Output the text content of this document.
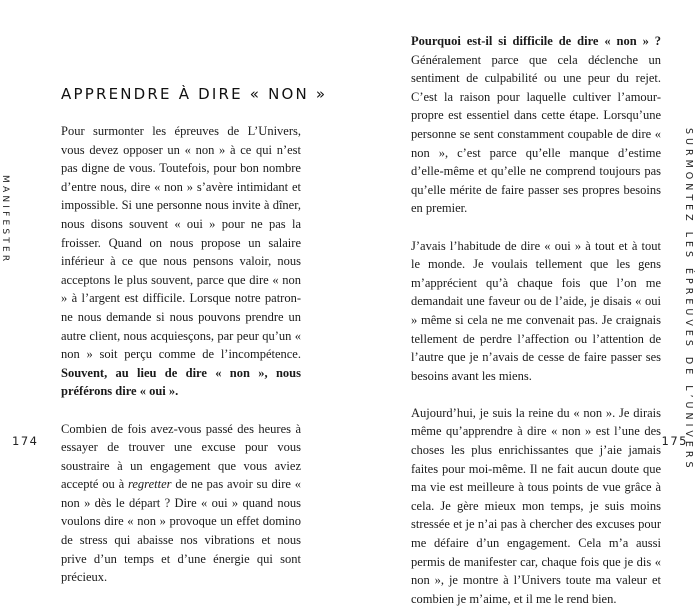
MANIFESTER
APPRENDRE À DIRE « NON »

Pour surmonter les épreuves de L’Univers, vous devez opposer un « non » à ce qui n’est pas digne de vous. Toutefois, pour bon nombre d’entre nous, dire « non » s’avère intimidant et impossible. Si une personne nous invite à dîner, nous disons souvent « oui » pour ne pas la froisser. Quand on nous propose un salaire inférieur à ce que nous pensons valoir, nous acceptons le plus souvent, parce que dire « non » à l’argent est difficile. Lorsque notre patron-ne nous demande si nous pouvons prendre un autre client, nous acquiesçons, par peur qu’un « non » soit perçu comme de l’incompétence. Souvent, au lieu de dire « non », nous préférons dire « oui ».

Combien de fois avez-vous passé des heures à essayer de trouver une excuse pour vous soustraire à un engagement que vous aviez accepté ou à regretter de ne pas avoir su dire « non » dès le départ ? Dire « oui » quand nous voulons dire « non » provoque un effet domino de stress qui abaisse nos vibrations et nous prive d’un temps et d’une énergie qui sont précieux.

174

Pourquoi est-il si difficile de dire « non » ? Généralement parce que cela déclenche un sentiment de culpabilité ou une peur du rejet. C’est la raison pour laquelle cultiver l’amour-propre est essentiel dans cette étape. Lorsqu’une personne se sent constamment coupable de dire « non », c’est parce qu’elle manque d’estime d’elle-même et qu’elle ne comprend toujours pas qu’elle mérite de faire passer ses propres besoins en premier.

J’avais l’habitude de dire « oui » à tout et à tout le monde. Je voulais tellement que les gens m’apprécient qu’à chaque fois que l’on me demandait une faveur ou de l’aide, je disais « oui » même si cela ne me convenait pas. Je craignais tellement de perdre l’affection ou l’attention de l’autre que je n’avais de cesse de faire passer ses besoins avant les miens.

Aujourd’hui, je suis la reine du « non ». Je dirais même qu’apprendre à dire « non » est l’une des choses les plus enrichissantes que j’aie jamais faites pour moi-même. Il ne fait aucun doute que ma vie est meilleure à tous points de vue grâce à cela. Je gère mieux mon temps, je suis moins stressée et je n’ai pas à chercher des excuses pour me défaire d’un engagement. Cela m’a aussi permis de manifester car, chaque fois que je dis « non », je montre à l’Univers toute ma valeur et combien je m’aime, et il me le rend bien.

SURMONTEZ LES ÉPREUVES DE L’UNIVERS
175
